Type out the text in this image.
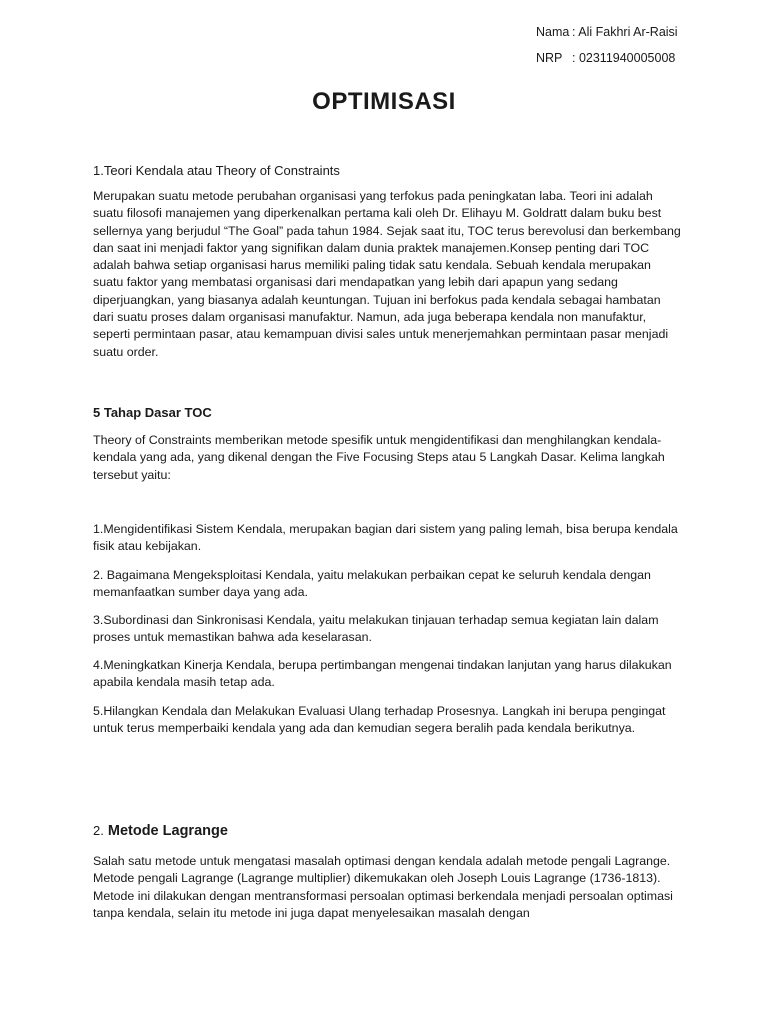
Nama : Ali Fakhri Ar-Raisi
NRP : 02311940005008
OPTIMISASI
1.Teori Kendala atau Theory of Constraints

Merupakan suatu metode perubahan organisasi yang terfokus pada peningkatan laba. Teori ini adalah suatu filosofi manajemen yang diperkenalkan pertama kali oleh Dr. Elihayu M. Goldratt dalam buku best sellernya yang berjudul “The Goal” pada tahun 1984. Sejak saat itu, TOC terus berevolusi dan berkembang dan saat ini menjadi faktor yang signifikan dalam dunia praktek manajemen.Konsep penting dari TOC adalah bahwa setiap organisasi harus memiliki paling tidak satu kendala. Sebuah kendala merupakan suatu faktor yang membatasi organisasi dari mendapatkan yang lebih dari apapun yang sedang diperjuangkan, yang biasanya adalah keuntungan. Tujuan ini berfokus pada kendala sebagai hambatan dari suatu proses dalam organisasi manufaktur. Namun, ada juga beberapa kendala non manufaktur, seperti permintaan pasar, atau kemampuan divisi sales untuk menerjemahkan permintaan pasar menjadi suatu order.

5 Tahap Dasar TOC

Theory of Constraints memberikan metode spesifik untuk mengidentifikasi dan menghilangkan kendala-kendala yang ada, yang dikenal dengan the Five Focusing Steps atau 5 Langkah Dasar. Kelima langkah tersebut yaitu:

1.Mengidentifikasi Sistem Kendala, merupakan bagian dari sistem yang paling lemah, bisa berupa kendala fisik atau kebijakan.

2. Bagaimana Mengeksploitasi Kendala, yaitu melakukan perbaikan cepat ke seluruh kendala dengan memanfaatkan sumber daya yang ada.

3.Subordinasi dan Sinkronisasi Kendala, yaitu melakukan tinjauan terhadap semua kegiatan lain dalam proses untuk memastikan bahwa ada keselarasan.

4.Meningkatkan Kinerja Kendala, berupa pertimbangan mengenai tindakan lanjutan yang harus dilakukan apabila kendala masih tetap ada.

5.Hilangkan Kendala dan Melakukan Evaluasi Ulang terhadap Prosesnya. Langkah ini berupa pengingat untuk terus memperbaiki kendala yang ada dan kemudian segera beralih pada kendala berikutnya.

2. Metode Lagrange

Salah satu metode untuk mengatasi masalah optimasi dengan kendala adalah metode pengali Lagrange. Metode pengali Lagrange (Lagrange multiplier) dikemukakan oleh Joseph Louis Lagrange (1736-1813). Metode ini dilakukan dengan mentransformasi persoalan optimasi berkendala menjadi persoalan optimasi tanpa kendala, selain itu metode ini juga dapat menyelesaikan masalah dengan
